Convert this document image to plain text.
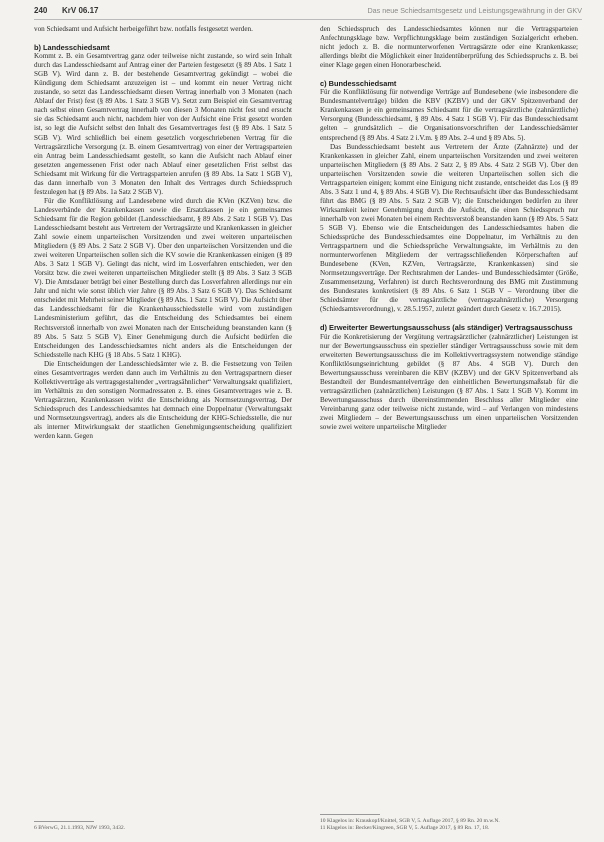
240 KrV 06.17	Das neue Schiedsamtsgesetz und Leistungsgewährung in der GKV

von Schiedsamt und Aufsicht herbeigeführt bzw. notfalls festgesetzt werden.

b) Landesschiedsamt

Kommt z. B. ein Gesamtvertrag ganz oder teilweise nicht zustande, so wird sein Inhalt durch das Landesschiedsamt auf Antrag einer der Parteien festgesetzt (§ 89 Abs. 1 Satz 1 SGB V). Wird dann z. B. der bestehende Gesamtvertrag gekündigt – wobei die Kündigung dem Schiedsamt anzuzeigen ist – und kommt ein neuer Vertrag nicht zustande, so setzt das Landesschiedsamt diesen Vertrag innerhalb von 3 Monaten (nach Ablauf der Frist) fest (§ 89 Abs. 1 Satz 3 SGB V). Setzt zum Beispiel ein Gesamtvertrag nach selbst einen Gesamtvertrag innerhalb von diesen 3 Monaten nicht fest und ersucht sie das Schiedsamt auch nicht, nachdem hier von der Aufsicht eine Frist gesetzt worden ist, so legt die Aufsicht selbst den Inhalt des Gesamtvertrages fest (§ 89 Abs. 1 Satz 5 SGB V). Wird schließlich bei einem gesetzlich vorgeschriebenen Vertrag für die Vertragsärztliche Versorgung (z. B. einem Gesamtvertrag) von einer der Vertragsparteien ein Antrag beim Landesschiedsamt gestellt, so kann die Aufsicht nach Ablauf einer gesetzten angemessenen Frist oder nach Ablauf einer gesetzlichen Frist selbst das Schiedsamt mit Wirkung für die Vertragsparteien anrufen (§ 89 Abs. 1a Satz 1 SGB V), das dann innerhalb von 3 Monaten den Inhalt des Vertrages durch Schiedsspruch festzulegen hat (§ 89 Abs. 1a Satz 2 SGB V).

Für die Konfliktlösung auf Landesebene wird durch die KVen (KZVen) bzw. die Landesverbände der Krankenkassen sowie die Ersatzkassen je ein gemeinsames Schiedsamt für die Region gebildet (Landesschiedsamt, § 89 Abs. 2 Satz 1 SGB V). Das Landesschiedsamt besteht aus Vertretern der Vertragsärzte und Krankenkassen in gleicher Zahl sowie einem unparteiischen Vorsitzenden und zwei weiteren unparteiischen Mitgliedern (§ 89 Abs. 2 Satz 2 SGB V). Über den unparteiischen Vorsitzenden und die zwei weiteren Unparteiischen sollen sich die KV sowie die Krankenkassen einigen (§ 89 Abs. 3 Satz 1 SGB V). Gelingt das nicht, wird im Losverfahren entschieden, wer den Vorsitz bzw. die zwei weiteren unparteiischen Mitglieder stellt (§ 89 Abs. 3 Satz 3 SGB V). Die Amtsdauer beträgt bei einer Bestellung durch das Losverfahren allerdings nur ein Jahr und nicht wie sonst üblich vier Jahre (§ 89 Abs. 3 Satz 6 SGB V). Das Schiedsamt entscheidet mit Mehrheit seiner Mitglieder (§ 89 Abs. 1 Satz 1 SGB V). Die Aufsicht über das Landesschiedsamt für die Krankenhausschiedsstelle wird vom zuständigen Landesministerium geführt, das die Entscheidung des Schiedsamtes bei einem Rechtsverstoß innerhalb von zwei Monaten nach der Entscheidung beanstanden kann (§ 89 Abs. 5 Satz 5 SGB V). Einer Genehmigung durch die Aufsicht bedürfen die Entscheidungen des Landesschiedsamtes nicht anders als die Entscheidungen der Schiedsstelle nach KHG (§ 18 Abs. 5 Satz 1 KHG).

Die Entscheidungen der Landesschiedsämter wie z. B. die Festsetzung von Teilen eines Gesamtvertrages werden dann auch im Verhältnis zu den Vertragspartnern dieser Kollektivverträge als vertragsgestaltender „vertragsähnlicher“ Verwaltungsakt qualifiziert, im Verhältnis zu den sonstigen Normadressaten z. B. eines Gesamtvertrages wie z. B. Vertragsärzten, Krankenkassen wirkt die Entscheidung als Normsetzungsvertrag. Der Schiedsspruch des Landesschiedsamtes hat demnach eine Doppelnatur (Verwaltungsakt und Normsetzungsvertrag), anders als die Entscheidung der KHG-Schiedsstelle, die nur als interner Mitwirkungsakt der staatlichen Genehmigungsentscheidung qualifiziert werden kann. Gegen

den Schiedsspruch des Landesschiedsamtes können nur die Vertragsparteien Anfechtungsklage bzw. Verpflichtungsklage beim zuständigen Sozialgericht erheben. nicht jedoch z. B. die normunterworfenen Vertragsärzte oder eine Krankenkasse; allerdings bleibt die Möglichkeit einer Inzidentüberprüfung des Schiedsspruchs z. B. bei einer Klage gegen einen Honorarbescheid.

c) Bundesschiedsamt

Für die Konfliktlösung für notwendige Verträge auf Bundesebene (wie insbesondere die Bundesmantelverträge) bilden die KBV (KZBV) und der GKV Spitzenverband der Krankenkassen je ein gemeinsames Schiedsamt für die vertragsärztliche (zahnärztliche) Versorgung (Bundesschiedsamt, § 89 Abs. 4 Satz 1 SGB V). Für das Bundesschiedsamt gelten – grundsätzlich – die Organisationsvorschriften der Landesschiedsämter entsprechend (§ 89 Abs. 4 Satz 2 i.V.m. § 89 Abs. 2–4 und § 89 Abs. 5).

Das Bundesschiedsamt besteht aus Vertretern der Ärzte (Zahnärzte) und der Krankenkassen in gleicher Zahl, einem unparteiischen Vorsitzenden und zwei weiteren unparteiischen Mitgliedern (§ 89 Abs. 2 Satz 2, § 89 Abs. 4 Satz 2 SGB V). Über den unparteiischen Vorsitzenden sowie die weiteren Unparteiischen sollen sich die Vertragsparteien einigen; kommt eine Einigung nicht zustande, entscheidet das Los (§ 89 Abs. 3 Satz 1 und 4, § 89 Abs. 4 SGB V). Die Rechtsaufsicht über das Bundesschiedsamt führt das BMG (§ 89 Abs. 5 Satz 2 SGB V); die Entscheidungen bedürfen zu ihrer Wirksamkeit keiner Genehmigung durch die Aufsicht, die einen Schiedsspruch nur innerhalb von zwei Monaten bei einem Rechtsverstoß beanstanden kann (§ 89 Abs. 5 Satz 5 SGB V). Ebenso wie die Entscheidungen des Landesschiedsamtes haben die Schiedssprüche des Bundesschiedsamtes eine Doppelnatur, im Verhältnis zu den Vertragspartnern und die Schiedssprüche Verwaltungsakte, im Verhältnis zu den normunterworfenen Mitgliedern der vertragsschließenden Körperschaften auf Bundesebene (KVen, KZVen, Vertragsärzte, Krankenkassen) sind sie Normsetzungsverträge. Der Rechtsrahmen der Landes- und Bundesschiedsämter (Größe, Zusammensetzung, Verfahren) ist durch Rechtsverordnung des BMG mit Zustimmung des Bundesrates konkretisiert (§ 89 Abs. 6 Satz 1 SGB V – Verordnung über die Schiedsämter für die vertragsärztliche (vertragszahnärztliche) Versorgung (Schiedsamtsverordnung), v. 28.5.1957, zuletzt geändert durch Gesetz v. 16.7.2015).

d) Erweiterter Bewertungsausschuss (als ständiger) Vertragsausschuss

Für die Konkretisierung der Vergütung vertragsärztlicher (zahnärztlicher) Leistungen ist nur der Bewertungsausschuss ein spezieller ständiger Vertragsausschuss sowie mit dem erweiterten Bewertungsausschuss die im Kollektivvertragssystem notwendige ständige Konfliktlösungseinrichtung gebildet (§ 87 Abs. 4 SGB V). Durch den Bewertungsausschuss vereinbaren die KBV (KZBV) und der GKV Spitzenverband als Bestandteil der Bundesmantelverträge den einheitlichen Bewertungsmaßstab für die vertragsärztlichen (zahnärztlichen) Leistungen (§ 87 Abs. 1 Satz 1 SGB V). Kommt im Bewertungsausschuss durch übereinstimmenden Beschluss aller Mitglieder eine Vereinbarung ganz oder teilweise nicht zustande, wird – auf Verlangen von mindestens zwei Mitgliedern – der Bewertungsausschuss um einen unparteiischen Vorsitzenden sowie zwei weitere unparteiische Mitglieder

6 BVerwG, 21.1.1993, NJW 1993, 3432.
10 Klagelos in: Krauskopf/Knittel, SGB V, 5. Auflage 2017, § 89 Rn. 20 m.w.N.
11 Klagelos in: Becker/Kingreen, SGB V, 5. Auflage 2017, § 89 Rn. 17, 18.
